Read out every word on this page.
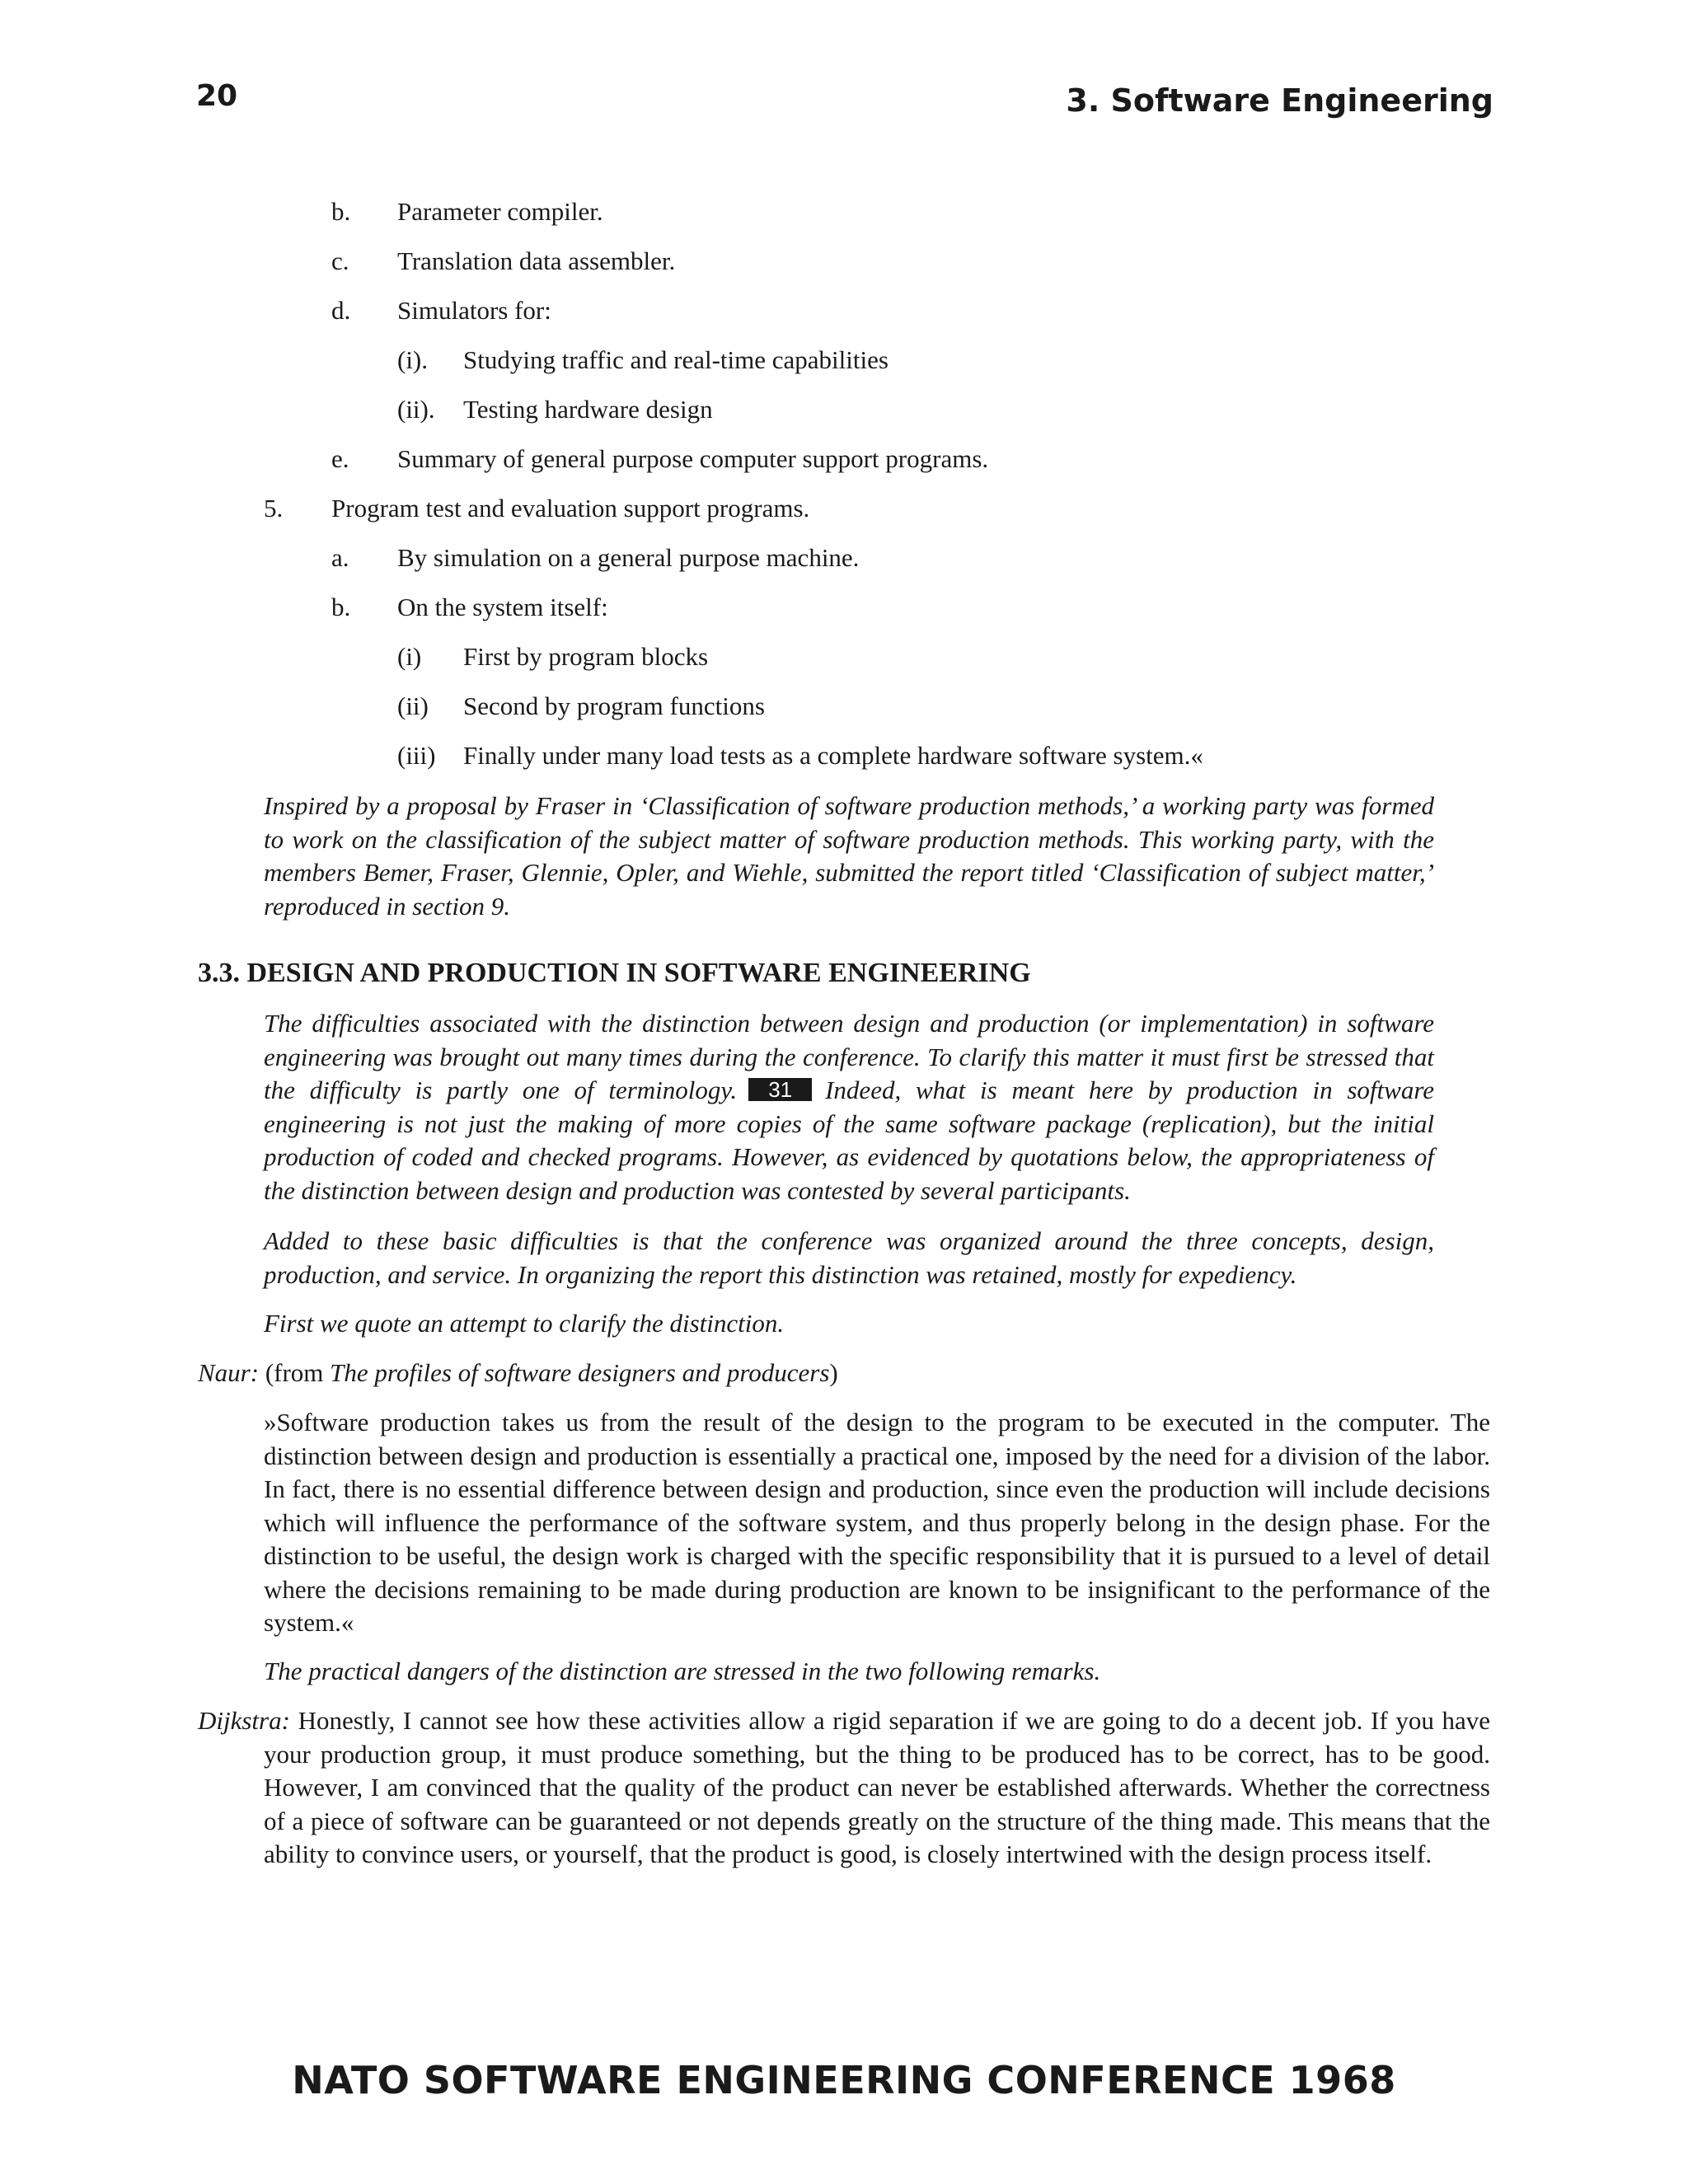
20	3. Software Engineering
b. Parameter compiler.
c. Translation data assembler.
d. Simulators for:
(i). Studying traffic and real-time capabilities
(ii). Testing hardware design
e. Summary of general purpose computer support programs.
5. Program test and evaluation support programs.
a. By simulation on a general purpose machine.
b. On the system itself:
(i) First by program blocks
(ii) Second by program functions
(iii) Finally under many load tests as a complete hardware software system.«
Inspired by a proposal by Fraser in ‘Classification of software production methods,’ a working party was formed to work on the classification of the subject matter of software production methods. This working party, with the members Bemer, Fraser, Glennie, Opler, and Wiehle, submitted the report titled ‘Classification of subject matter,’ reproduced in section 9.
3.3. DESIGN AND PRODUCTION IN SOFTWARE ENGINEERING
The difficulties associated with the distinction between design and production (or implementation) in software engineering was brought out many times during the conference. To clarify this matter it must first be stressed that the difficulty is partly one of terminology. 31 Indeed, what is meant here by production in software engineering is not just the making of more copies of the same software package (replication), but the initial production of coded and checked programs. However, as evidenced by quotations below, the appropriateness of the distinction between design and production was contested by several participants.
Added to these basic difficulties is that the conference was organized around the three concepts, design, production, and service. In organizing the report this distinction was retained, mostly for expediency.
First we quote an attempt to clarify the distinction.
Naur: (from The profiles of software designers and producers)
»Software production takes us from the result of the design to the program to be executed in the computer. The distinction between design and production is essentially a practical one, imposed by the need for a division of the labor. In fact, there is no essential difference between design and production, since even the production will include decisions which will influence the performance of the software system, and thus properly belong in the design phase. For the distinction to be useful, the design work is charged with the specific responsibility that it is pursued to a level of detail where the decisions remaining to be made during production are known to be insignificant to the performance of the system.«
The practical dangers of the distinction are stressed in the two following remarks.
Dijkstra: Honestly, I cannot see how these activities allow a rigid separation if we are going to do a decent job. If you have your production group, it must produce something, but the thing to be produced has to be correct, has to be good. However, I am convinced that the quality of the product can never be established afterwards. Whether the correctness of a piece of software can be guaranteed or not depends greatly on the structure of the thing made. This means that the ability to convince users, or yourself, that the product is good, is closely intertwined with the design process itself.
NATO SOFTWARE ENGINEERING CONFERENCE 1968
